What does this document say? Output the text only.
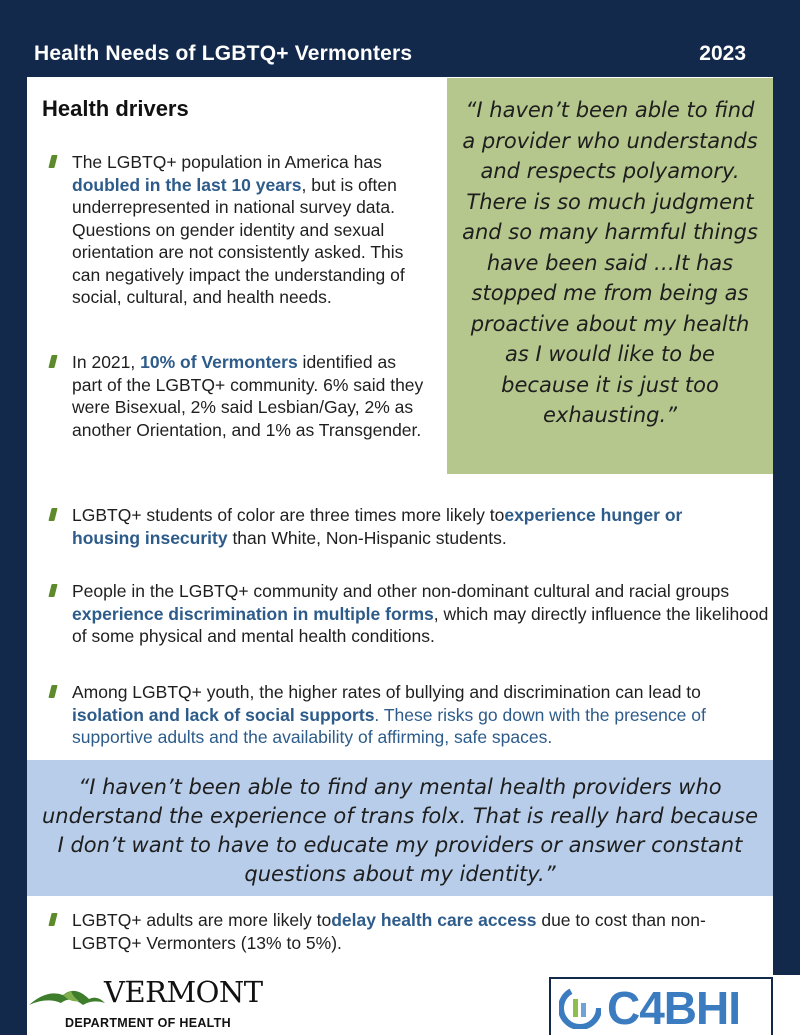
Health Needs of LGBTQ+ Vermonters	2023
Health drivers
The LGBTQ+ population in America has doubled in the last 10 years, but is often underrepresented in national survey data. Questions on gender identity and sexual orientation are not consistently asked. This can negatively impact the understanding of social, cultural, and health needs.
In 2021, 10% of Vermonters identified as part of the LGBTQ+ community. 6% said they were Bisexual, 2% said Lesbian/Gay, 2% as another Orientation, and 1% as Transgender.
“I haven’t been able to find a provider who understands and respects polyamory. There is so much judgment and so many harmful things have been said …It has stopped me from being as proactive about my health as I would like to be because it is just too exhausting.”
LGBTQ+ students of color are three times more likely toexperience hunger or housing insecurity than White, Non-Hispanic students.
People in the LGBTQ+ community and other non-dominant cultural and racial groups experience discrimination in multiple forms, which may directly influence the likelihood of some physical and mental health conditions.
Among LGBTQ+ youth, the higher rates of bullying and discrimination can lead to isolation and lack of social supports. These risks go down with the presence of supportive adults and the availability of affirming, safe spaces.
“I haven’t been able to find any mental health providers who understand the experience of trans folx. That is really hard because I don’t want to have to educate my providers or answer constant questions about my identity.”
LGBTQ+ adults are more likely todelay health care access due to cost than non-LGBTQ+ Vermonters (13% to 5%).
VERMONT
DEPARTMENT OF HEALTH	C4BHI
